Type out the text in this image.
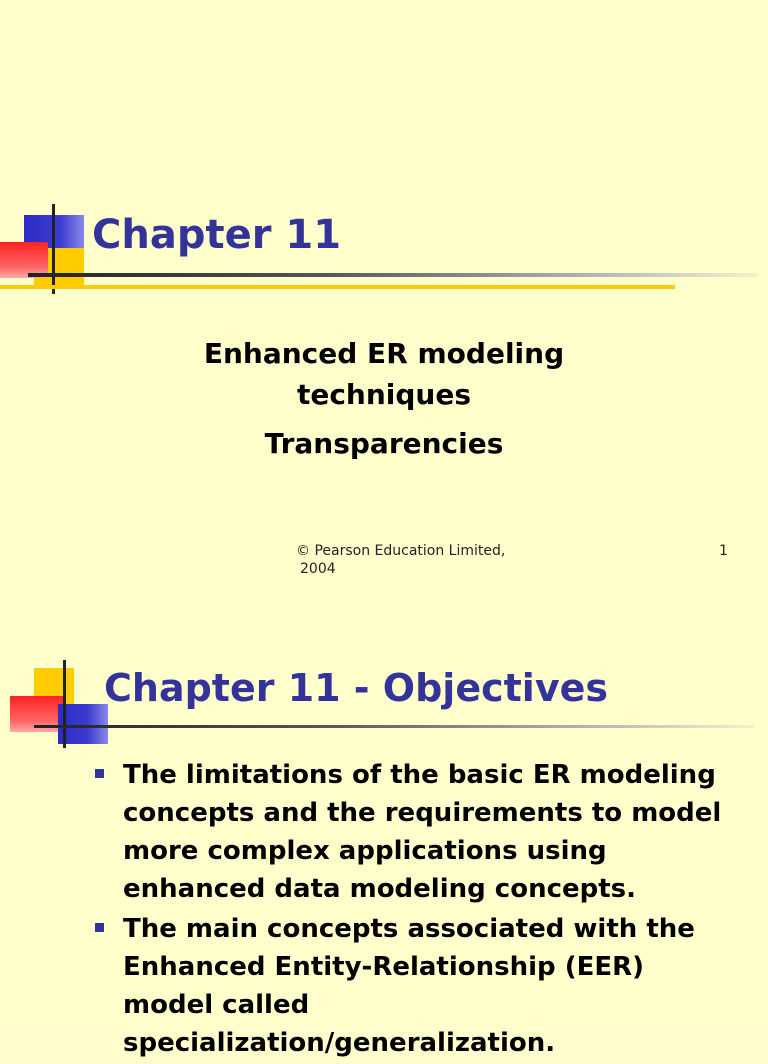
Chapter 11

Enhanced ER modeling

techniques

Transparencies

© Pearson Education Limited,

2004

1

Chapter 11 - Objectives
The limitations of the basic ER modeling concepts and the requirements to model more complex applications using enhanced data modeling concepts.
The main concepts associated with the Enhanced Entity-Relationship (EER) model called specialization/generalization.
